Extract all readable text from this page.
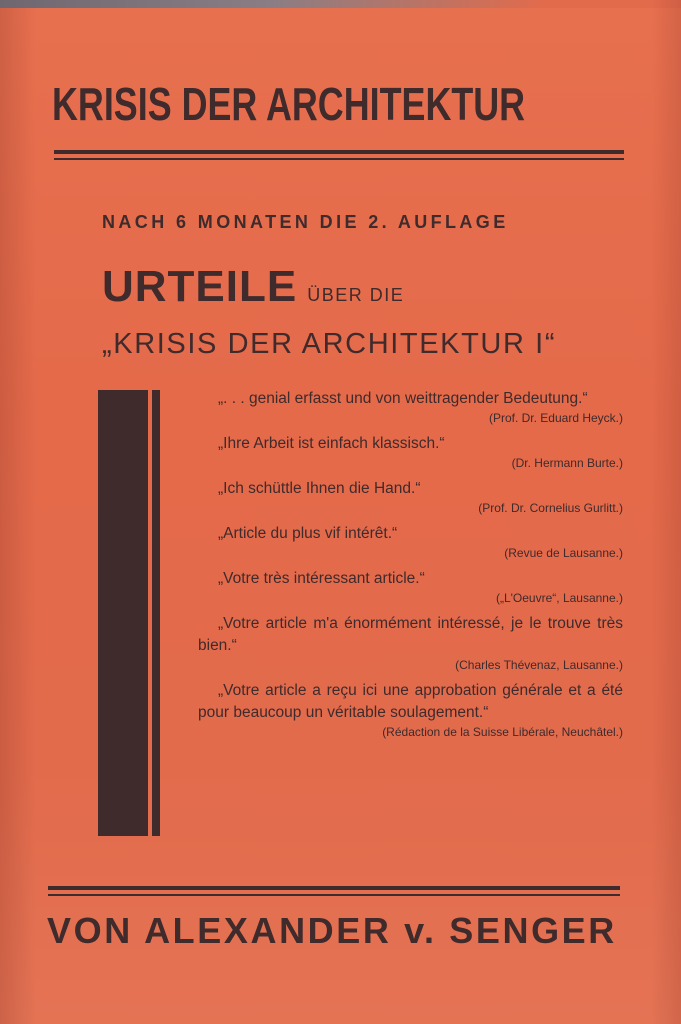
KRISIS DER ARCHITEKTUR
NACH 6 MONATEN DIE 2. AUFLAGE
URTEILE ÜBER DIE
„KRISIS DER ARCHITEKTUR I“
„. . . genial erfasst und von weittragender Bedeutung.“
(Prof. Dr. Eduard Heyck.)
„Ihre Arbeit ist einfach klassisch.“
(Dr. Hermann Burte.)
„Ich schüttle Ihnen die Hand.“
(Prof. Dr. Cornelius Gurlitt.)
„Article du plus vif intérêt.“
(Revue de Lausanne.)
„Votre très intéressant article.“
(„L'Oeuvre“, Lausanne.)
„Votre article m'a énormément intéressé, je le trouve très bien.“
(Charles Thévenaz, Lausanne.)
„Votre article a reçu ici une approbation générale et a été pour beaucoup un véritable soulagement.“
(Rédaction de la Suisse Libérale, Neuchâtel.)
VON ALEXANDER v. SENGER
